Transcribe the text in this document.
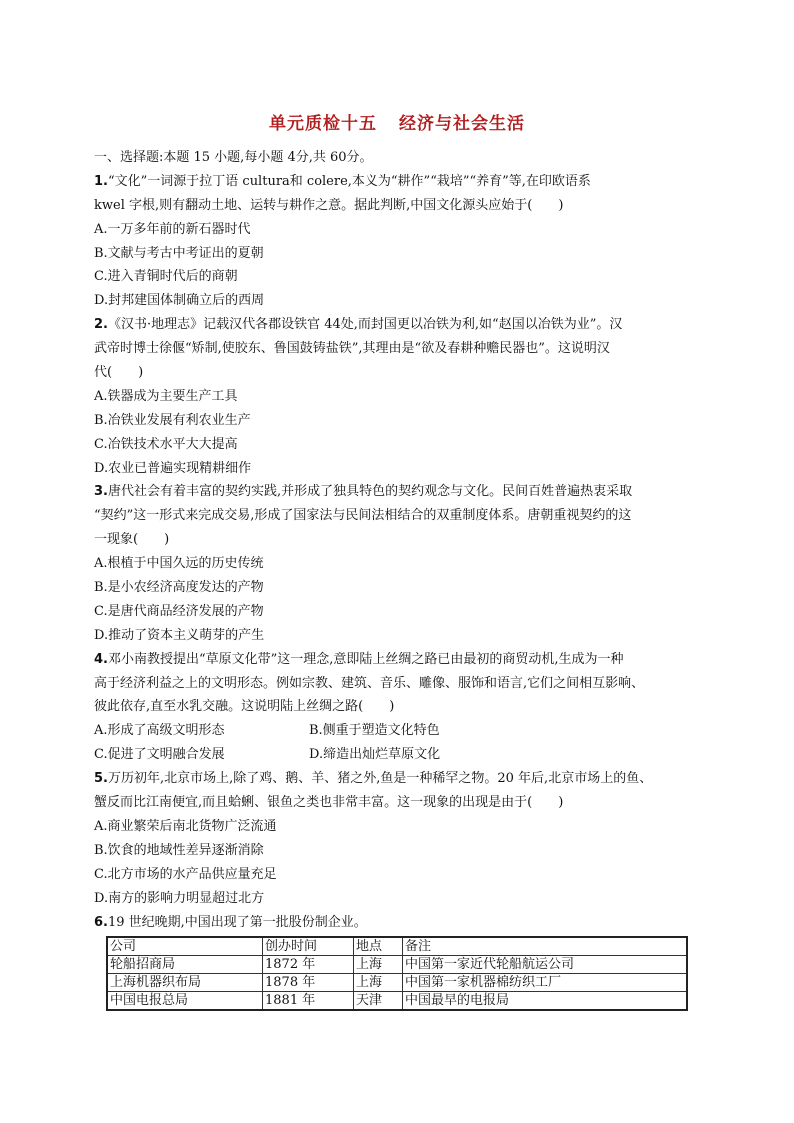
单元质检十五 经济与社会生活
一、选择题:本题 15 小题,每小题 4分,共 60分。
1.“文化”一词源于拉丁语 cultura和 colere,本义为“耕作”“栽培”“养育”等,在印欧语系
kwel 字根,则有翻动土地、运转与耕作之意。据此判断,中国文化源头应始于(　　)
A.一万多年前的新石器时代
B.文献与考古中考证出的夏朝
C.进入青铜时代后的商朝
D.封邦建国体制确立后的西周
2.《汉书·地理志》记载汉代各郡设铁官 44处,而封国更以冶铁为利,如“赵国以冶铁为业”。汉
武帝时博士徐偃“矫制,使胶东、鲁国鼓铸盐铁”,其理由是“欲及春耕种赡民器也”。这说明汉
代(　　)
A.铁器成为主要生产工具
B.冶铁业发展有利农业生产
C.冶铁技术水平大大提高
D.农业已普遍实现精耕细作
3.唐代社会有着丰富的契约实践,并形成了独具特色的契约观念与文化。民间百姓普遍热衷采取
“契约”这一形式来完成交易,形成了国家法与民间法相结合的双重制度体系。唐朝重视契约的这
一现象(　　)
A.根植于中国久远的历史传统
B.是小农经济高度发达的产物
C.是唐代商品经济发展的产物
D.推动了资本主义萌芽的产生
4.邓小南教授提出“草原文化带”这一理念,意即陆上丝绸之路已由最初的商贸动机,生成为一种
高于经济利益之上的文明形态。例如宗教、建筑、音乐、雕像、服饰和语言,它们之间相互影响、
彼此依存,直至水乳交融。这说明陆上丝绸之路(　　)
A.形成了高级文明形态	B.侧重于塑造文化特色
C.促进了文明融合发展	D.缔造出灿烂草原文化
5.万历初年,北京市场上,除了鸡、鹅、羊、猪之外,鱼是一种稀罕之物。20 年后,北京市场上的鱼、
蟹反而比江南便宜,而且蛤蜊、银鱼之类也非常丰富。这一现象的出现是由于(　　)
A.商业繁荣后南北货物广泛流通
B.饮食的地域性差异逐渐消除
C.北方市场的水产品供应量充足
D.南方的影响力明显超过北方
6.19 世纪晚期,中国出现了第一批股份制企业。
公司	创办时间	地点	备注
轮船招商局	1872 年	上海	中国第一家近代轮船航运公司
上海机器织布局	1878 年	上海	中国第一家机器棉纺织工厂
中国电报总局	1881 年	天津	中国最早的电报局
